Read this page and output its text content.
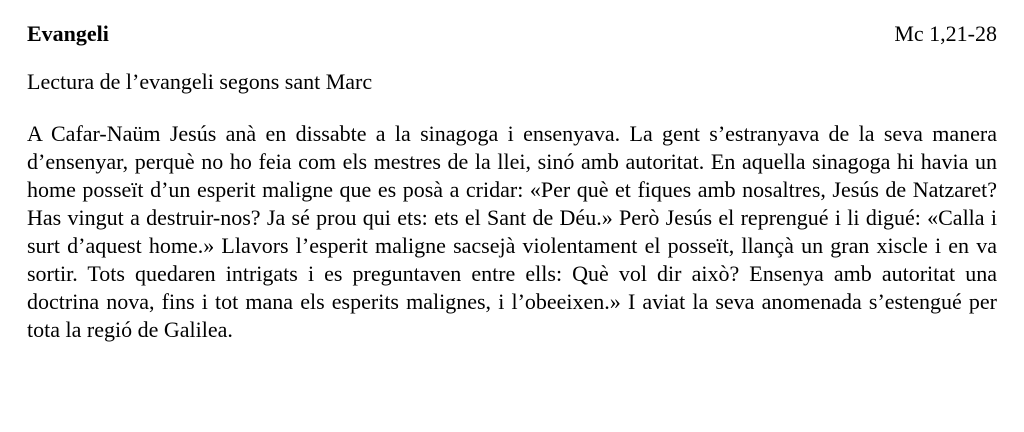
Evangeli	Mc 1,21-28

Lectura de l’evangeli segons sant Marc

A Cafar-Naüm Jesús anà en dissabte a la sinagoga i ensenyava. La gent s’estranyava de la seva manera d’ensenyar, perquè no ho feia com els mestres de la llei, sinó amb autoritat. En aquella sinagoga hi havia un home posseït d’un esperit maligne que es posà a cridar: «Per què et fiques amb nosaltres, Jesús de Natzaret? Has vingut a destruir-nos? Ja sé prou qui ets: ets el Sant de Déu.» Però Jesús el reprengué i li digué: «Calla i surt d’aquest home.» Llavors l’esperit maligne sacsejà violentament el posseït, llançà un gran xiscle i en va sortir. Tots quedaren intrigats i es preguntaven entre ells: Què vol dir això? Ensenya amb autoritat una doctrina nova, fins i tot mana els esperits malignes, i l’obeeixen.» I aviat la seva anomenada s’estengué per tota la regió de Galilea.
